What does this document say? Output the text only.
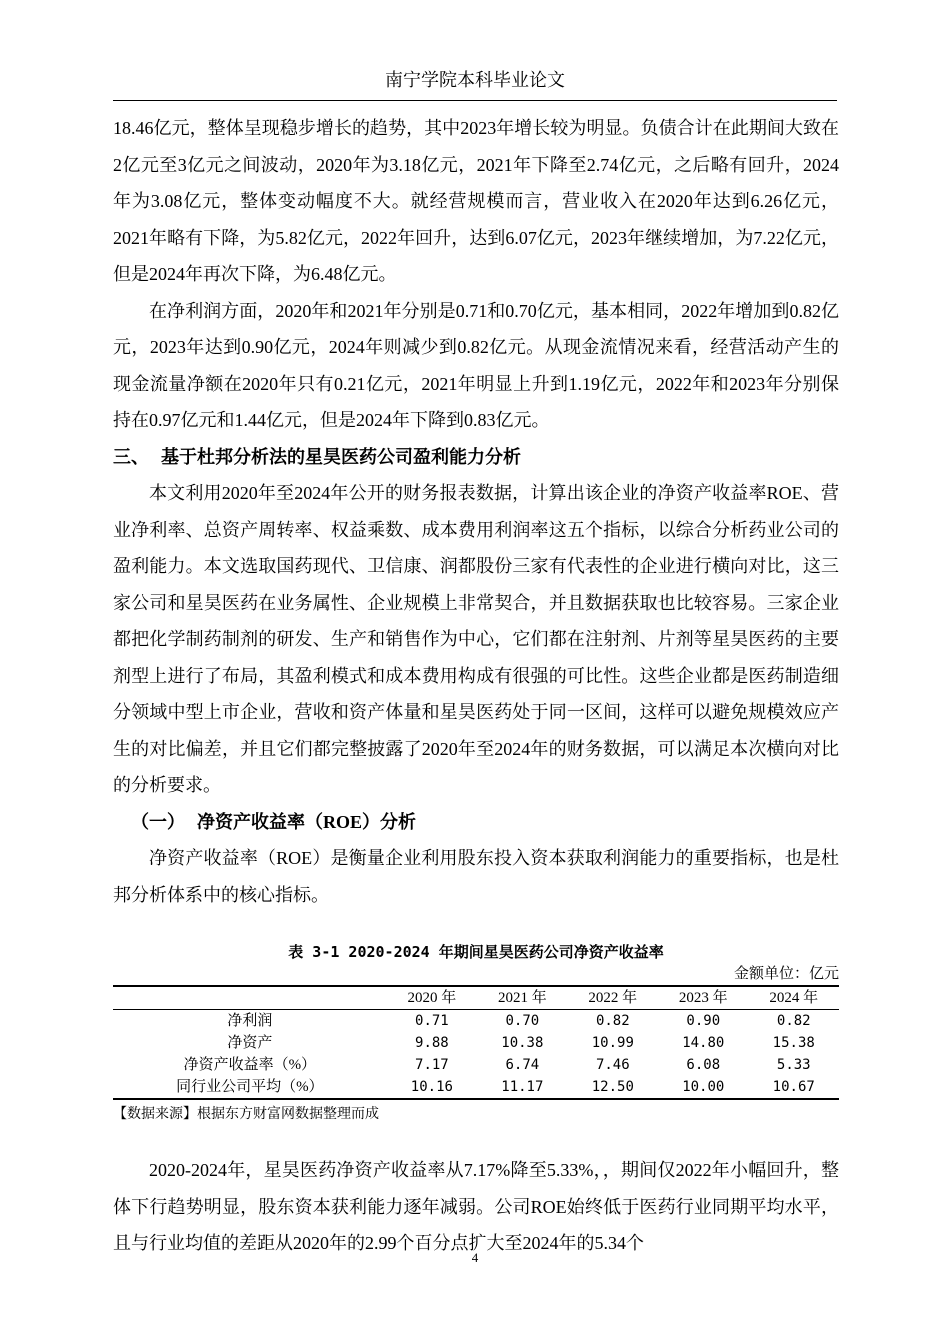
南宁学院本科毕业论文

18.46亿元，整体呈现稳步增长的趋势，其中2023年增长较为明显。负债合计在此期间大致在2亿元至3亿元之间波动，2020年为3.18亿元，2021年下降至2.74亿元，之后略有回升，2024年为3.08亿元，整体变动幅度不大。就经营规模而言，营业收入在2020年达到6.26亿元，2021年略有下降，为5.82亿元，2022年回升，达到6.07亿元，2023年继续增加，为7.22亿元，但是2024年再次下降，为6.48亿元。

在净利润方面，2020年和2021年分别是0.71和0.70亿元，基本相同，2022年增加到0.82亿元，2023年达到0.90亿元，2024年则减少到0.82亿元。从现金流情况来看，经营活动产生的现金流量净额在2020年只有0.21亿元，2021年明显上升到1.19亿元，2022年和2023年分别保持在0.97亿元和1.44亿元，但是2024年下降到0.83亿元。

三、 基于杜邦分析法的星昊医药公司盈利能力分析

本文利用2020年至2024年公开的财务报表数据，计算出该企业的净资产收益率ROE、营业净利率、总资产周转率、权益乘数、成本费用利润率这五个指标，以综合分析药业公司的盈利能力。本文选取国药现代、卫信康、润都股份三家有代表性的企业进行横向对比，这三家公司和星昊医药在业务属性、企业规模上非常契合，并且数据获取也比较容易。三家企业都把化学制药制剂的研发、生产和销售作为中心，它们都在注射剂、片剂等星昊医药的主要剂型上进行了布局，其盈利模式和成本费用构成有很强的可比性。这些企业都是医药制造细分领域中型上市企业，营收和资产体量和星昊医药处于同一区间，这样可以避免规模效应产生的对比偏差，并且它们都完整披露了2020年至2024年的财务数据，可以满足本次横向对比的分析要求。

（一） 净资产收益率（ROE）分析

净资产收益率（ROE）是衡量企业利用股东投入资本获取利润能力的重要指标，也是杜邦分析体系中的核心指标。

表 3-1 2020-2024 年期间星昊医药公司净资产收益率
金额单位：亿元
	2020 年	2021 年	2022 年	2023 年	2024 年
净利润	0.71	0.70	0.82	0.90	0.82
净资产	9.88	10.38	10.99	14.80	15.38
净资产收益率（%）	7.17	6.74	7.46	6.08	5.33
同行业公司平均（%）	10.16	11.17	12.50	10.00	10.67
【数据来源】根据东方财富网数据整理而成

2020-2024年，星昊医药净资产收益率从7.17%降至5.33%，，期间仅2022年小幅回升，整体下行趋势明显，股东资本获利能力逐年减弱。公司ROE始终低于医药行业同期平均水平，且与行业均值的差距从2020年的2.99个百分点扩大至2024年的5.34个

4
